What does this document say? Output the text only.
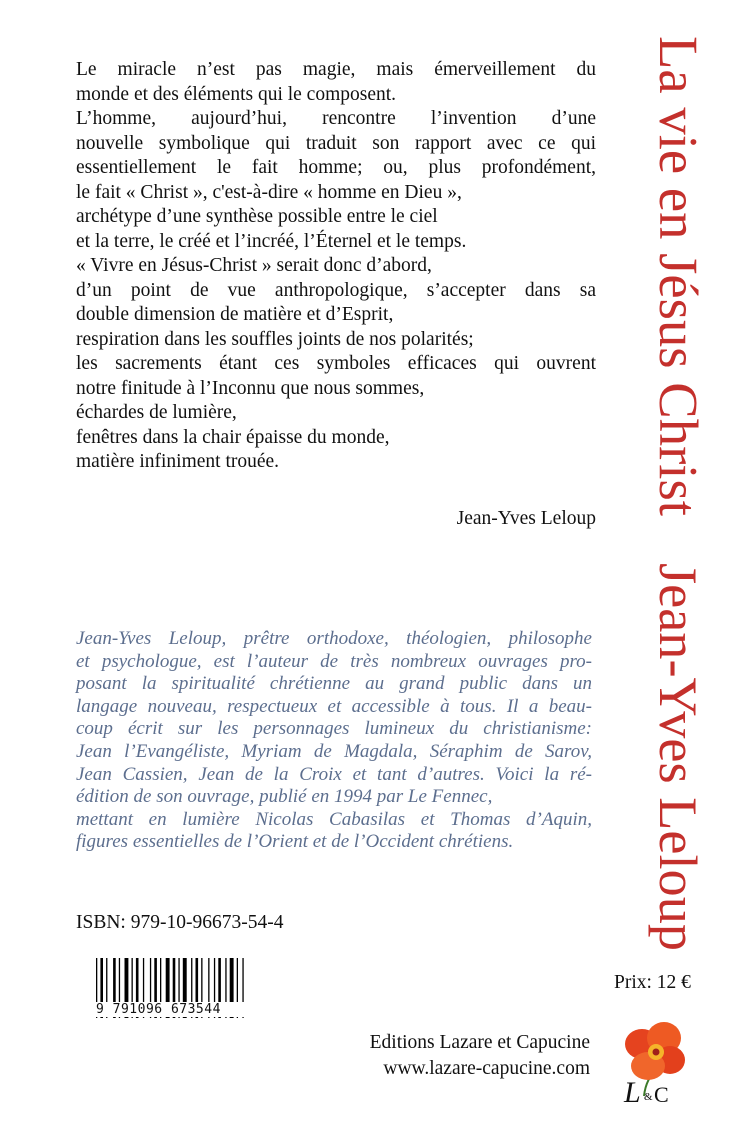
Le miracle n’est pas magie, mais émerveillement du
monde et des éléments qui le composent.
L’homme, aujourd’hui, rencontre l’invention d’une
nouvelle symbolique qui traduit son rapport avec ce qui
essentiellement le fait homme; ou, plus profondément,
le fait « Christ », c'est-à-dire « homme en Dieu »,
archétype d’une synthèse possible entre le ciel
et la terre, le créé et l’incréé, l’Éternel et le temps.
« Vivre en Jésus-Christ » serait donc d’abord,
d’un point de vue anthropologique, s’accepter dans sa
double dimension de matière et d’Esprit,
respiration dans les souffles joints de nos polarités;
les sacrements étant ces symboles efficaces qui ouvrent
notre finitude à l’Inconnu que nous sommes,
échardes de lumière,
fenêtres dans la chair épaisse du monde,
matière infiniment trouée.
Jean-Yves Leloup
Jean-Yves Leloup, prêtre orthodoxe, théologien, philosophe
et psychologue, est l’auteur de très nombreux ouvrages pro-
posant la spiritualité chrétienne au grand public dans un
langage nouveau, respectueux et accessible à tous. Il a beau-
coup écrit sur les personnages lumineux du christianisme:
Jean l’Evangéliste, Myriam de Magdala, Séraphim de Sarov,
Jean Cassien, Jean de la Croix et tant d’autres. Voici la ré-
édition de son ouvrage, publié en 1994 par Le Fennec,
mettant en lumière Nicolas Cabasilas et Thomas d’Aquin,
figures essentielles de l’Orient et de l’Occident chrétiens.
ISBN: 979-10-96673-54-4
9 791096 673544
Prix: 12 €
Editions Lazare et Capucine
www.lazare-capucine.com
La vie en Jésus Christ
Jean-Yves Leloup
L & C
